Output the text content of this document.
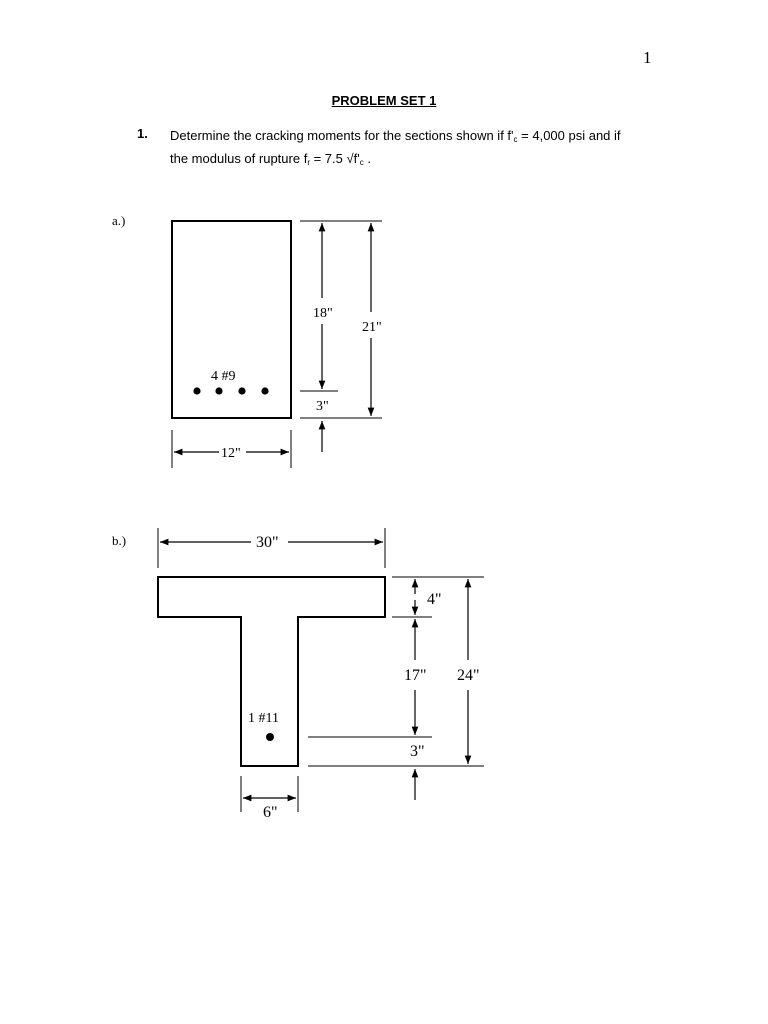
1
PROBLEM SET 1
1. Determine the cracking moments for the sections shown if $f'_c = 4,000$ psi and if
the modulus of rupture $f_r = 7.5$ $√f'_c$ .
a.)
b.)
4 #9
18"
21"
3"
12"
1 #11
30"
4"
17" 24"
3"
6"
